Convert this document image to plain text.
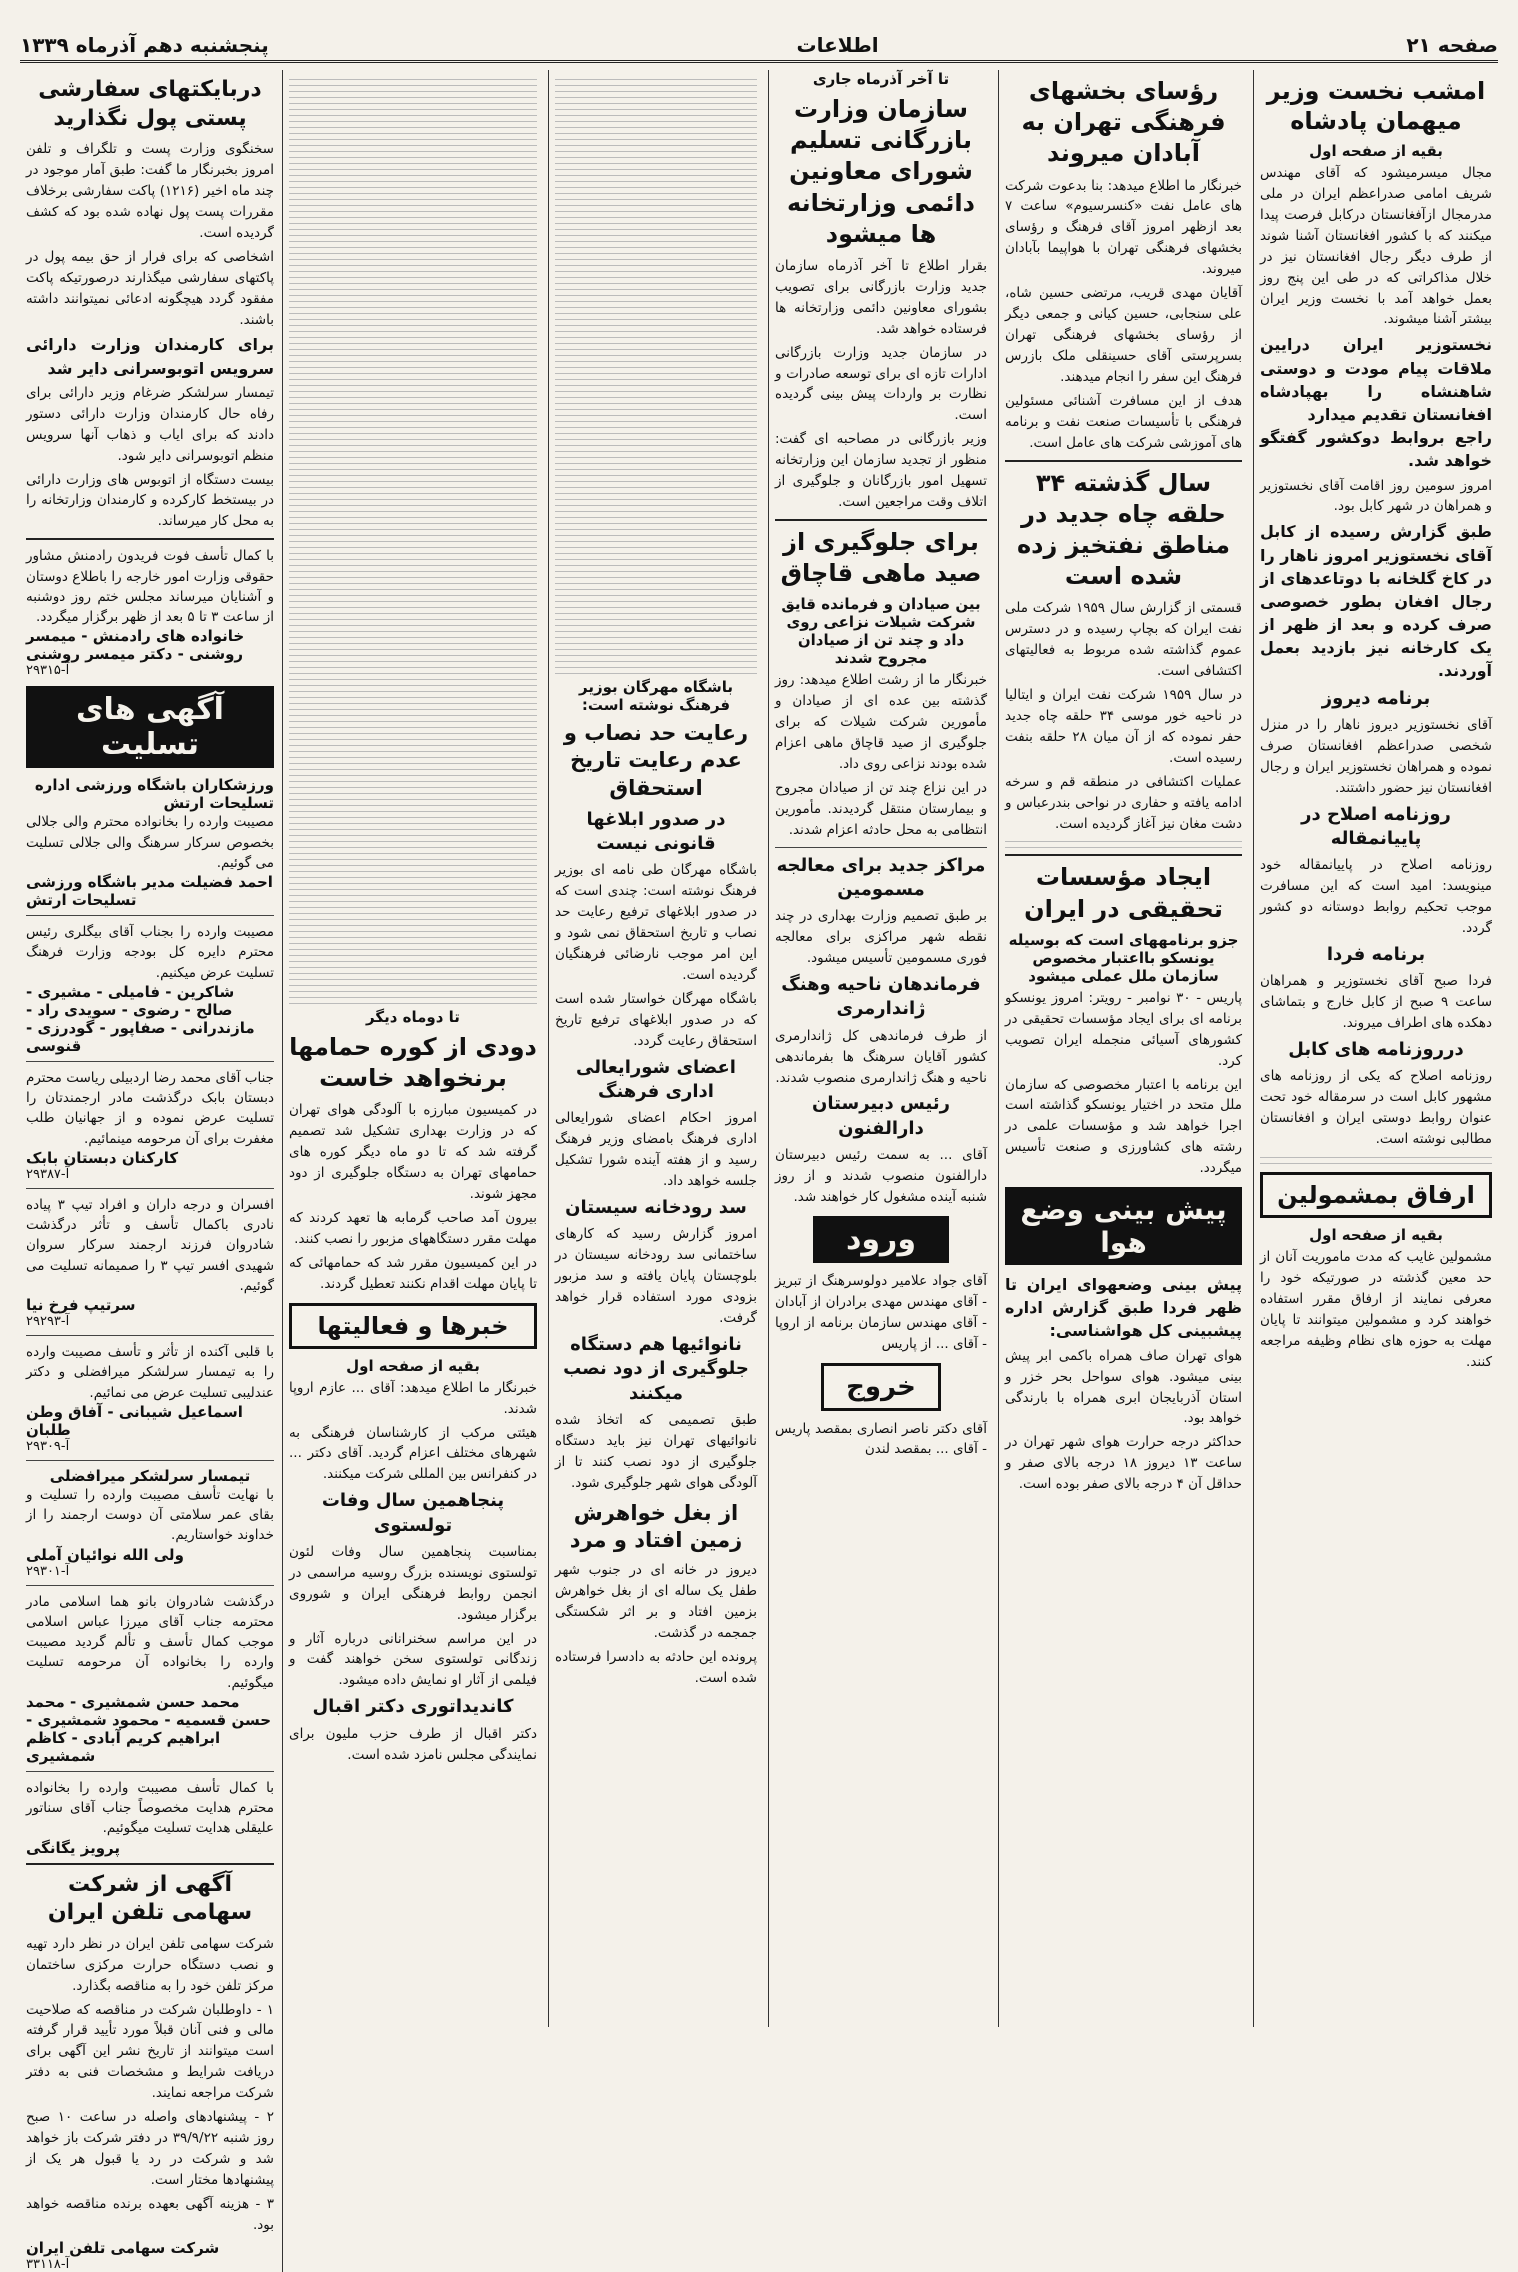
صفحه ۲۱
اطلاعات
پنجشنبه دهم آذرماه ۱۳۳۹
امشب نخست وزیر میهمان پادشاه
بقیه از صفحه اول
مجال میسرمیشود که آقای مهندس شریف امامی صدراعظم ایران در ملی مدرمجال ازآفغانستان درکابل فرصت پیدا میکنند که با کشور افغانستان آشنا شوند از طرف دیگر رجال افغانستان نیز در خلال مذاکراتی که در طی این پنج روز بعمل خواهد آمد با نخست وزیر ایران بیشتر آشنا میشوند.
نخستوزیر ایران درایین ملاقات پیام مودت و دوستی شاهنشاه را بهپادشاه افغانستان تقدیم میدارد
راجع بروابط دوکشور گفتگو خواهد شد.
امروز سومین روز اقامت آقای نخستوزیر و همراهان در شهر کابل بود.
طبق گزارش رسیده از کابل آقای نخستوزیر امروز ناهار را در کاخ گلخانه با دوتاعدهای از رجال افغان بطور خصوصی صرف کرده و بعد از ظهر از یک کارخانه نیز بازدید بعمل آوردند.
برنامه دیروز
آقای نخستوزیر دیروز ناهار را در منزل شخصی صدراعظم افغانستان صرف نموده و همراهان نخستوزیر ایران و رجال افغانستان نیز حضور داشتند.
روزنامه اصلاح در پاییانمقاله
روزنامه اصلاح در پاییانمقاله خود مینویسد: امید است که این مسافرت موجب تحکیم روابط دوستانه دو کشور گردد.
برنامه فردا
فردا صبح آقای نخستوزیر و همراهان ساعت ۹ صبح از کابل خارج و بتماشای دهکده های اطراف میروند.
درروزنامه های کابل
روزنامه اصلاح که یکی از روزنامه های مشهور کابل است در سرمقاله خود تحت عنوان روابط دوستی ایران و افغانستان مطالبی نوشته است.
ارفاق بمشمولین
بقیه از صفحه اول
مشمولین غایب که مدت ماموریت آنان از حد معین گذشته در صورتیکه خود را معرفی نمایند از ارفاق مقرر استفاده خواهند کرد و مشمولین میتوانند تا پایان مهلت به حوزه های نظام وظیفه مراجعه کنند.
رؤسای بخشهای فرهنگی تهران به آبادان میروند
خبرنگار ما اطلاع میدهد: بنا بدعوت شرکت های عامل نفت «کنسرسیوم» ساعت ۷ بعد ازظهر امروز آقای فرهنگ و رؤسای بخشهای فرهنگی تهران با هواپیما بآبادان میروند.
آقایان مهدی قریب، مرتضی حسین شاه، علی سنجابی، حسین کیانی و جمعی دیگر از رؤسای بخشهای فرهنگی تهران بسرپرستی آقای حسینقلی ملک بازرس فرهنگ این سفر را انجام میدهند.
هدف از این مسافرت آشنائی مسئولین فرهنگی با تأسیسات صنعت نفت و برنامه های آموزشی شرکت های عامل است.
سال گذشته ۳۴ حلقه چاه جدید در مناطق نفتخیز زده شده است
قسمتی از گزارش سال ۱۹۵۹ شرکت ملی نفت ایران که بچاپ رسیده و در دسترس عموم گذاشته شده مربوط به فعالیتهای اکتشافی است.
در سال ۱۹۵۹ شرکت نفت ایران و ایتالیا در ناحیه خور موسی ۳۴ حلقه چاه جدید حفر نموده که از آن میان ۲۸ حلقه بنفت رسیده است.
عملیات اکتشافی در منطقه قم و سرخه ادامه یافته و حفاری در نواحی بندرعباس و دشت مغان نیز آغاز گردیده است.
ایجاد مؤسسات تحقیقی در ایران
جزو برنامههای است که بوسیله یونسکو بااعتبار مخصوص سازمان ملل عملی میشود
پاریس - ۳۰ نوامبر - رویتر: امروز یونسکو برنامه ای برای ایجاد مؤسسات تحقیقی در کشورهای آسیائی منجمله ایران تصویب کرد.
این برنامه با اعتبار مخصوصی که سازمان ملل متحد در اختیار یونسکو گذاشته است اجرا خواهد شد و مؤسسات علمی در رشته های کشاورزی و صنعت تأسیس میگردد.
پیش بینی وضع هوا
پیش بینی وضعهوای ایران تا ظهر فردا طبق گزارش اداره پیشبینی کل هواشناسی:
هوای تهران صاف همراه باکمی ابر پیش بینی میشود. هوای سواحل بحر خزر و استان آذربایجان ابری همراه با بارندگی خواهد بود.
حداکثر درجه حرارت هوای شهر تهران در ساعت ۱۳ دیروز ۱۸ درجه بالای صفر و حداقل آن ۴ درجه بالای صفر بوده است.
تا آخر آذرماه جاری
سازمان وزارت بازرگانی تسلیم شورای معاونین دائمی وزارتخانه ها میشود
بقرار اطلاع تا آخر آذرماه سازمان جدید وزارت بازرگانی برای تصویب بشورای معاونین دائمی وزارتخانه ها فرستاده خواهد شد.
در سازمان جدید وزارت بازرگانی ادارات تازه ای برای توسعه صادرات و نظارت بر واردات پیش بینی گردیده است.
وزیر بازرگانی در مصاحبه ای گفت: منظور از تجدید سازمان این وزارتخانه تسهیل امور بازرگانان و جلوگیری از اتلاف وقت مراجعین است.
برای جلوگیری از صید ماهی قاچاق
بین صیادان و فرمانده قایق شرکت شیلات نزاعی روی داد و چند تن از صیادان مجروح شدند
خبرنگار ما از رشت اطلاع میدهد: روز گذشته بین عده ای از صیادان و مأمورین شرکت شیلات که برای جلوگیری از صید قاچاق ماهی اعزام شده بودند نزاعی روی داد.
در این نزاع چند تن از صیادان مجروح و بیمارستان منتقل گردیدند. مأمورین انتظامی به محل حادثه اعزام شدند.
مراکز جدید برای معالجه مسمومین
بر طبق تصمیم وزارت بهداری در چند نقطه شهر مراکزی برای معالجه فوری مسمومین تأسیس میشود.
فرماندهان ناحیه وهنگ ژاندارمری
از طرف فرماندهی کل ژاندارمری کشور آقایان سرهنگ ها بفرماندهی ناحیه و هنگ ژاندارمری منصوب شدند.
رئیس دبیرستان دارالفنون
آقای ... به سمت رئیس دبیرستان دارالفنون منصوب شدند و از روز شنبه آینده مشغول کار خواهند شد.
ورود
آقای جواد علامیر دولوسرهنگ از تبریز - آقای مهندس مهدی برادران از آبادان - آقای مهندس سازمان برنامه از اروپا - آقای ... از پاریس
خروج
آقای دکتر ناصر انصاری بمقصد پاریس - آقای ... بمقصد لندن
باشگاه مهرگان بوزیر فرهنگ نوشته است:
رعایت حد نصاب و عدم رعایت تاریخ استحقاق
در صدور ابلاغها قانونی نیست
باشگاه مهرگان طی نامه ای بوزیر فرهنگ نوشته است: چندی است که در صدور ابلاغهای ترفیع رعایت حد نصاب و تاریخ استحقاق نمی شود و این امر موجب نارضائی فرهنگیان گردیده است.
باشگاه مهرگان خواستار شده است که در صدور ابلاغهای ترفیع تاریخ استحقاق رعایت گردد.
اعضای شورایعالی اداری فرهنگ
امروز احکام اعضای شورایعالی اداری فرهنگ بامضای وزیر فرهنگ رسید و از هفته آینده شورا تشکیل جلسه خواهد داد.
سد رودخانه سیستان
امروز گزارش رسید که کارهای ساختمانی سد رودخانه سیستان در بلوچستان پایان یافته و سد مزبور بزودی مورد استفاده قرار خواهد گرفت.
نانوائیها هم دستگاه جلوگیری از دود نصب میکنند
طبق تصمیمی که اتخاذ شده نانوائیهای تهران نیز باید دستگاه جلوگیری از دود نصب کنند تا از آلودگی هوای شهر جلوگیری شود.
از بغل خواهرش زمین افتاد و مرد
دیروز در خانه ای در جنوب شهر طفل یک ساله ای از بغل خواهرش بزمین افتاد و بر اثر شکستگی جمجمه در گذشت.
پرونده این حادثه به دادسرا فرستاده شده است.
تا دوماه دیگر
دودی از کوره حمامها برنخواهد خاست
در کمیسیون مبارزه با آلودگی هوای تهران که در وزارت بهداری تشکیل شد تصمیم گرفته شد که تا دو ماه دیگر کوره های حمامهای تهران به دستگاه جلوگیری از دود مجهز شوند.
بیرون آمد صاحب گرمابه ها تعهد کردند که مهلت مقرر دستگاههای مزبور را نصب کنند.
در این کمیسیون مقرر شد که حمامهائی که تا پایان مهلت اقدام نکنند تعطیل گردند.
خبرها و فعالیتها
بقیه از صفحه اول
خبرنگار ما اطلاع میدهد: آقای ... عازم اروپا شدند.
هیئتی مرکب از کارشناسان فرهنگی به شهرهای مختلف اعزام گردید. آقای دکتر ... در کنفرانس بین المللی شرکت میکنند.
پنجاهمین سال وفات تولستوی
بمناسبت پنجاهمین سال وفات لئون تولستوی نویسنده بزرگ روسیه مراسمی در انجمن روابط فرهنگی ایران و شوروی برگزار میشود.
در این مراسم سخنرانانی درباره آثار و زندگانی تولستوی سخن خواهند گفت و فیلمی از آثار او نمایش داده میشود.
کاندیداتوری دکتر اقبال
دکتر اقبال از طرف حزب ملیون برای نمایندگی مجلس نامزد شده است.
دربایکتهای سفارشی پستی پول نگذارید
سخنگوی وزارت پست و تلگراف و تلفن امروز بخبرنگار ما گفت: طبق آمار موجود در چند ماه اخیر (۱۲۱۶) پاکت سفارشی برخلاف مقررات پست پول نهاده شده بود که کشف گردیده است.
اشخاصی که برای فرار از حق بیمه پول در پاکتهای سفارشی میگذارند درصورتیکه پاکت مفقود گردد هیچگونه ادعائی نمیتوانند داشته باشند.
برای کارمندان وزارت دارائی سرویس اتوبوسرانی دایر شد
تیمسار سرلشکر ضرغام وزیر دارائی برای رفاه حال کارمندان وزارت دارائی دستور دادند که برای ایاب و ذهاب آنها سرویس منظم اتوبوسرانی دایر شود.
بیست دستگاه از اتوبوس های وزارت دارائی در بیستخط کارکرده و کارمندان وزارتخانه را به محل کار میرساند.
با کمال تأسف فوت فریدون رادمنش مشاور حقوقی وزارت امور خارجه را باطلاع دوستان و آشنایان میرساند مجلس ختم روز دوشنبه از ساعت ۳ تا ۵ بعد از ظهر برگزار میگردد.
خانواده های رادمنش - میمسر روشنی - دکتر میمسر روشنی
آ-۲۹۳۱۵
آگهی های تسلیت
ورزشکاران باشگاه ورزشی اداره تسلیحات ارتش
مصیبت وارده را بخانواده محترم والی جلالی بخصوص سرکار سرهنگ والی جلالی تسلیت می گوئیم.
احمد فضیلت مدیر باشگاه ورزشی تسلیحات ارتش
مصیبت وارده را بجناب آقای بیگلری رئیس محترم دایره کل بودجه وزارت فرهنگ تسلیت عرض میکنیم.
شاکرین - فامیلی - مشیری - صالح - رضوی - سویدی راد - مازندرانی - صفاپور - گودرزی - قنوسی
جناب آقای محمد رضا اردبیلی ریاست محترم دبستان بابک درگذشت مادر ارجمندتان را تسلیت عرض نموده و از جهانیان طلب مغفرت برای آن مرحومه مینمائیم.
کارکنان دبستان بابک
آ-۲۹۳۸۷
افسران و درجه داران و افراد تیپ ۳ پیاده نادری باکمال تأسف و تأثر درگذشت شادروان فرزند ارجمند سرکار سروان شهیدی افسر تیپ ۳ را صمیمانه تسلیت می گوئیم.
سرتیپ فرخ نیا
آ-۲۹۲۹۳
با قلبی آکنده از تأثر و تأسف مصیبت وارده را به تیمسار سرلشکر میرافضلی و دکتر عندلیبی تسلیت عرض می نمائیم.
اسماعیل شیبانی - آفاق وطن طلبان
آ-۲۹۳۰۹
تیمسار سرلشکر میرافضلی
با نهایت تأسف مصیبت وارده را تسلیت و بقای عمر سلامتی آن دوست ارجمند را از خداوند خواستاریم.
ولی الله نوائیان آملی
آ-۲۹۳۰۱
درگذشت شادروان بانو هما اسلامی مادر محترمه جناب آقای میرزا عباس اسلامی موجب کمال تأسف و تألم گردید مصیبت وارده را بخانواده آن مرحومه تسلیت میگوئیم.
محمد حسن شمشیری - محمد حسن قسمیه - محمود شمشیری - ابراهیم کریم آبادی - کاظم شمشیری
با کمال تأسف مصیبت وارده را بخانواده محترم هدایت مخصوصاً جناب آقای سناتور علیقلی هدایت تسلیت میگوئیم.
پرویز یگانگی
آگهی از شرکت سهامی تلفن ایران
شرکت سهامی تلفن ایران در نظر دارد تهیه و نصب دستگاه حرارت مرکزی ساختمان مرکز تلفن خود را به مناقصه بگذارد.
۱ - داوطلبان شرکت در مناقصه که صلاحیت مالی و فنی آنان قبلاً مورد تأیید قرار گرفته است میتوانند از تاریخ نشر این آگهی برای دریافت شرایط و مشخصات فنی به دفتر شرکت مراجعه نمایند.
۲ - پیشنهادهای واصله در ساعت ۱۰ صبح روز شنبه ۳۹/۹/۲۲ در دفتر شرکت باز خواهد شد و شرکت در رد یا قبول هر یک از پیشنهادها مختار است.
۳ - هزینه آگهی بعهده برنده مناقصه خواهد بود.
شرکت سهامی تلفن ایران
آ-۳۳۱۱۸
